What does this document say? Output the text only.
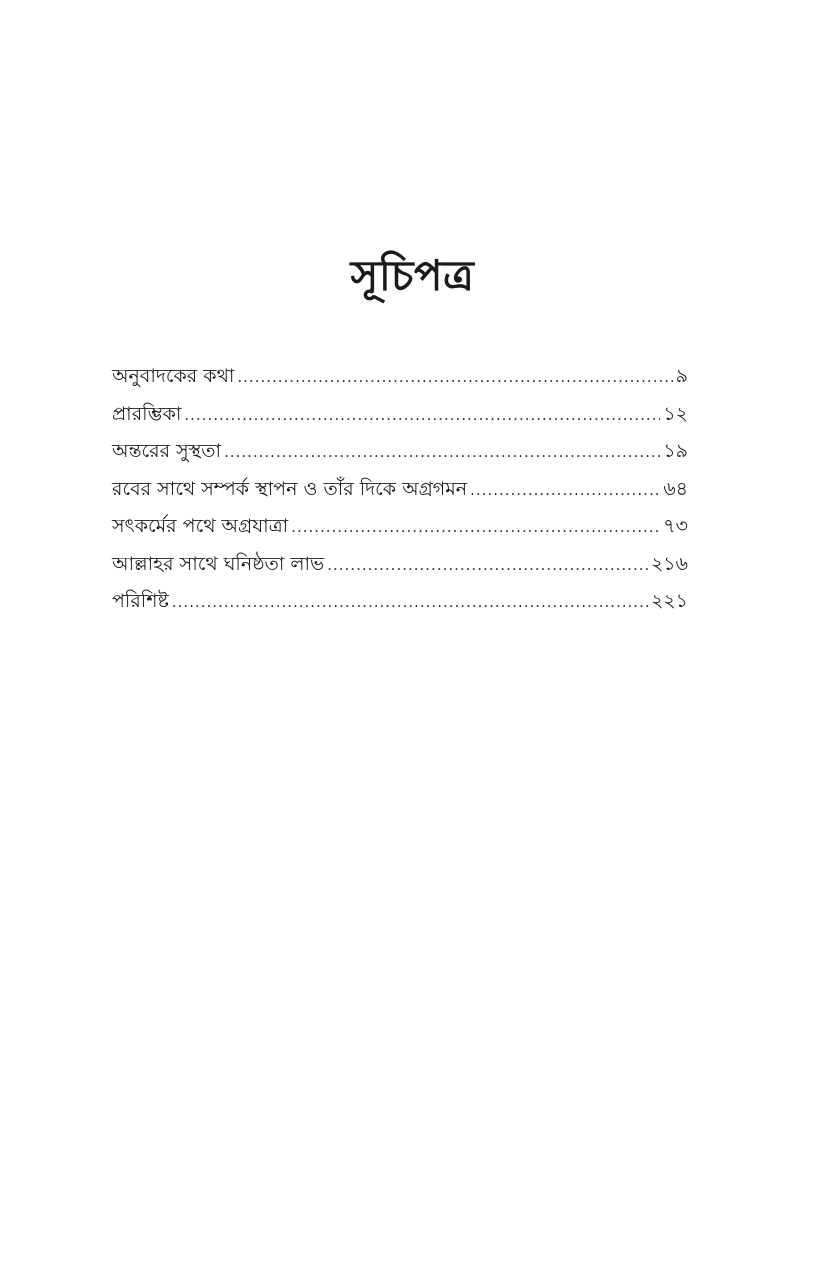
সূচিপত্র
অনুবাদকের কথা .....	৯
প্রারম্ভিকা .....	১২
অন্তরের সুস্থতা .....	১৯
রবের সাথে সম্পর্ক স্থাপন ও তাঁর দিকে অগ্রগমন .....	৬৪
সৎকর্মের পথে অগ্রযাত্রা .....	৭৩
আল্লাহর সাথে ঘনিষ্ঠতা লাভ .....	২১৬
পরিশিষ্ট .....	২২১
